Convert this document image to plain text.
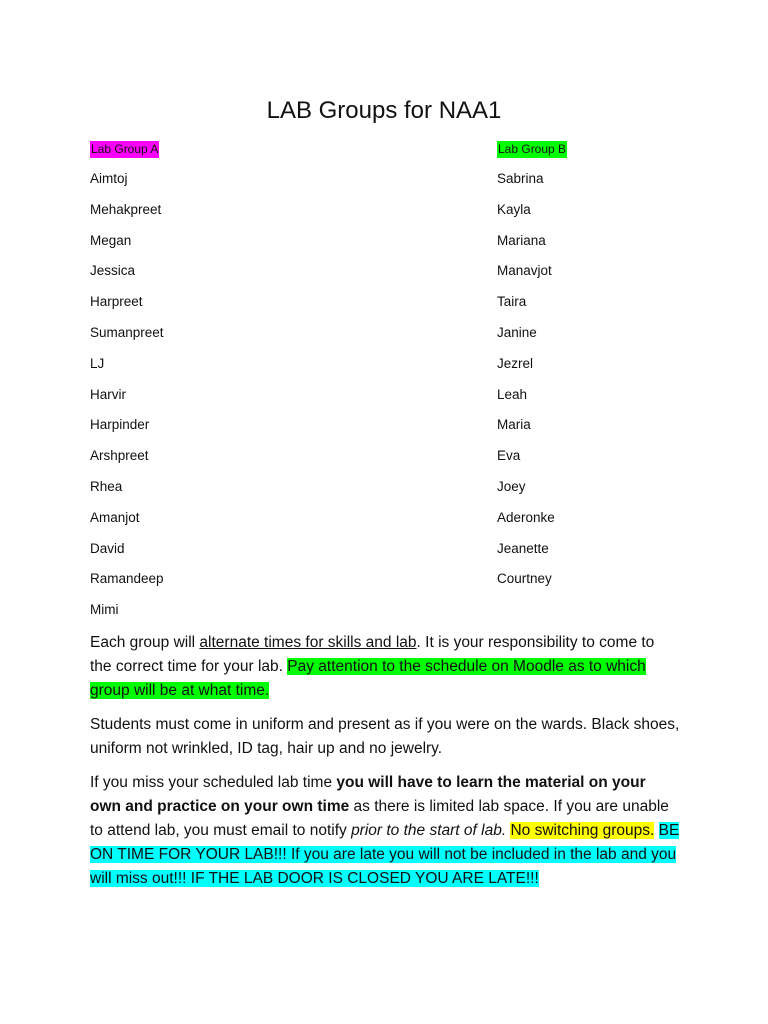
LAB Groups for NAA1
Lab Group A
Aimtoj
Mehakpreet
Megan
Jessica
Harpreet
Sumanpreet
LJ
Harvir
Harpinder
Arshpreet
Rhea
Amanjot
David
Ramandeep
Mimi
Lab Group B
Sabrina
Kayla
Mariana
Manavjot
Taira
Janine
Jezrel
Leah
Maria
Eva
Joey
Aderonke
Jeanette
Courtney

Each group will alternate times for skills and lab. It is your responsibility to come to the correct time for your lab. Pay attention to the schedule on Moodle as to which group will be at what time.

Students must come in uniform and present as if you were on the wards. Black shoes, uniform not wrinkled, ID tag, hair up and no jewelry.

If you miss your scheduled lab time you will have to learn the material on your own and practice on your own time as there is limited lab space. If you are unable to attend lab, you must email to notify prior to the start of lab. No switching groups. BE ON TIME FOR YOUR LAB!!! If you are late you will not be included in the lab and you will miss out!!! IF THE LAB DOOR IS CLOSED YOU ARE LATE!!!
